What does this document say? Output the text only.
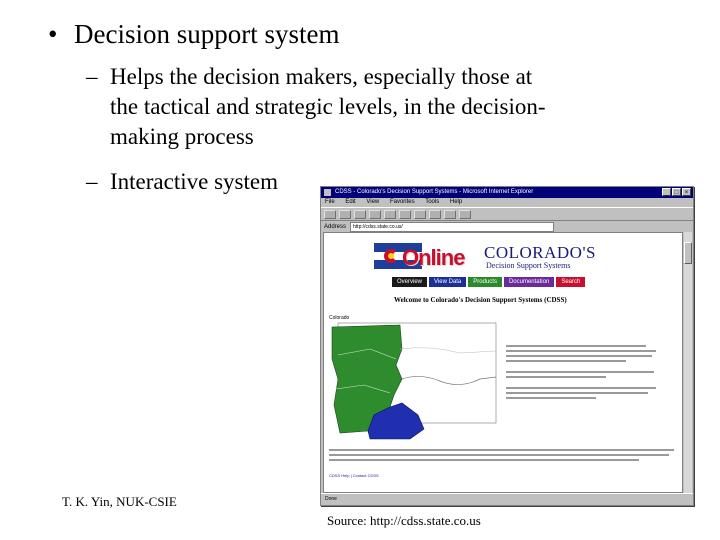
• Decision support system
– Helps the decision makers, especially those at
the tactical and strategic levels, in the decision-
making process
– Interactive system	CDSS - Colorado's Decision Support Systems - Microsoft Internet Explorer	_	□	×
File Edit View Favorites Tools Help
Address	http://cdss.state.co.us/
Online COLORADO'S
Decision Support Systems
Overview	View Data	Products	Documentation	Search
Welcome to Colorado's Decision Support Systems (CDSS)
Colorado
CDSS Help | Contact CDSS
Done
T. K. Yin, NUK-CSIE
Source: http://cdss.state.co.us
